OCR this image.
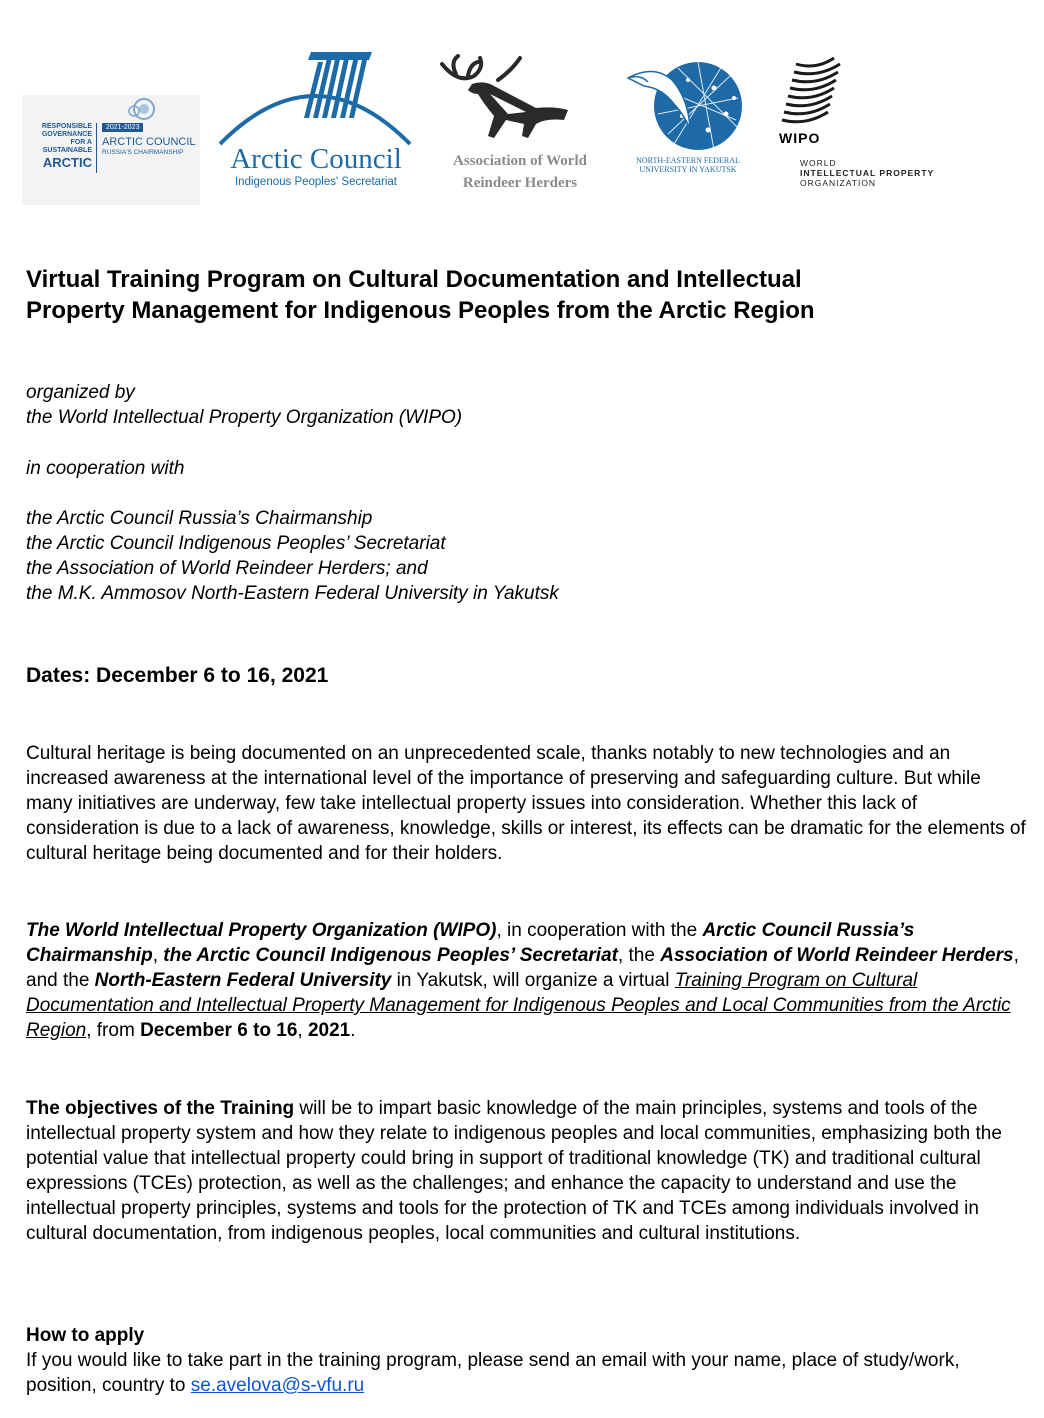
RESPONSIBLE
GOVERNANCE
FOR A SUSTAINABLE
ARCTIC
2021-2023
ARCTIC COUNCIL
RUSSIA'S CHAIRMANSHIP	Arctic Council
Indigenous Peoples' Secretariat
Association of World
Reindeer Herders
NORTH-EASTERN FEDERAL
UNIVERSITY IN YAKUTSK
WIPO
WORLD
INTELLECTUAL PROPERTY
ORGANIZATION
Virtual Training Program on Cultural Documentation and Intellectual
Property Management for Indigenous Peoples from the Arctic Region
organized by
the World Intellectual Property Organization (WIPO)
in cooperation with
the Arctic Council Russia’s Chairmanship
the Arctic Council Indigenous Peoples’ Secretariat
the Association of World Reindeer Herders; and
the M.K. Ammosov North-Eastern Federal University in Yakutsk
Dates: December 6 to 16, 2021

Cultural heritage is being documented on an unprecedented scale, thanks notably to new technologies and an increased awareness at the international level of the importance of preserving and safeguarding culture. But while many initiatives are underway, few take intellectual property issues into consideration. Whether this lack of consideration is due to a lack of awareness, knowledge, skills or interest, its effects can be dramatic for the elements of cultural heritage being documented and for their holders.

The World Intellectual Property Organization (WIPO), in cooperation with the Arctic Council Russia’s Chairmanship, the Arctic Council Indigenous Peoples’ Secretariat, the Association of World Reindeer Herders, and the North-Eastern Federal University in Yakutsk, will organize a virtual Training Program on Cultural Documentation and Intellectual Property Management for Indigenous Peoples and Local Communities from the Arctic Region, from December 6 to 16, 2021.

The objectives of the Training will be to impart basic knowledge of the main principles, systems and tools of the intellectual property system and how they relate to indigenous peoples and local communities, emphasizing both the potential value that intellectual property could bring in support of traditional knowledge (TK) and traditional cultural expressions (TCEs) protection, as well as the challenges; and enhance the capacity to understand and use the intellectual property principles, systems and tools for the protection of TK and TCEs among individuals involved in cultural documentation, from indigenous peoples, local communities and cultural institutions.

How to apply
If you would like to take part in the training program, please send an email with your name, place of study/work, position, country to se.avelova@s-vfu.ru
